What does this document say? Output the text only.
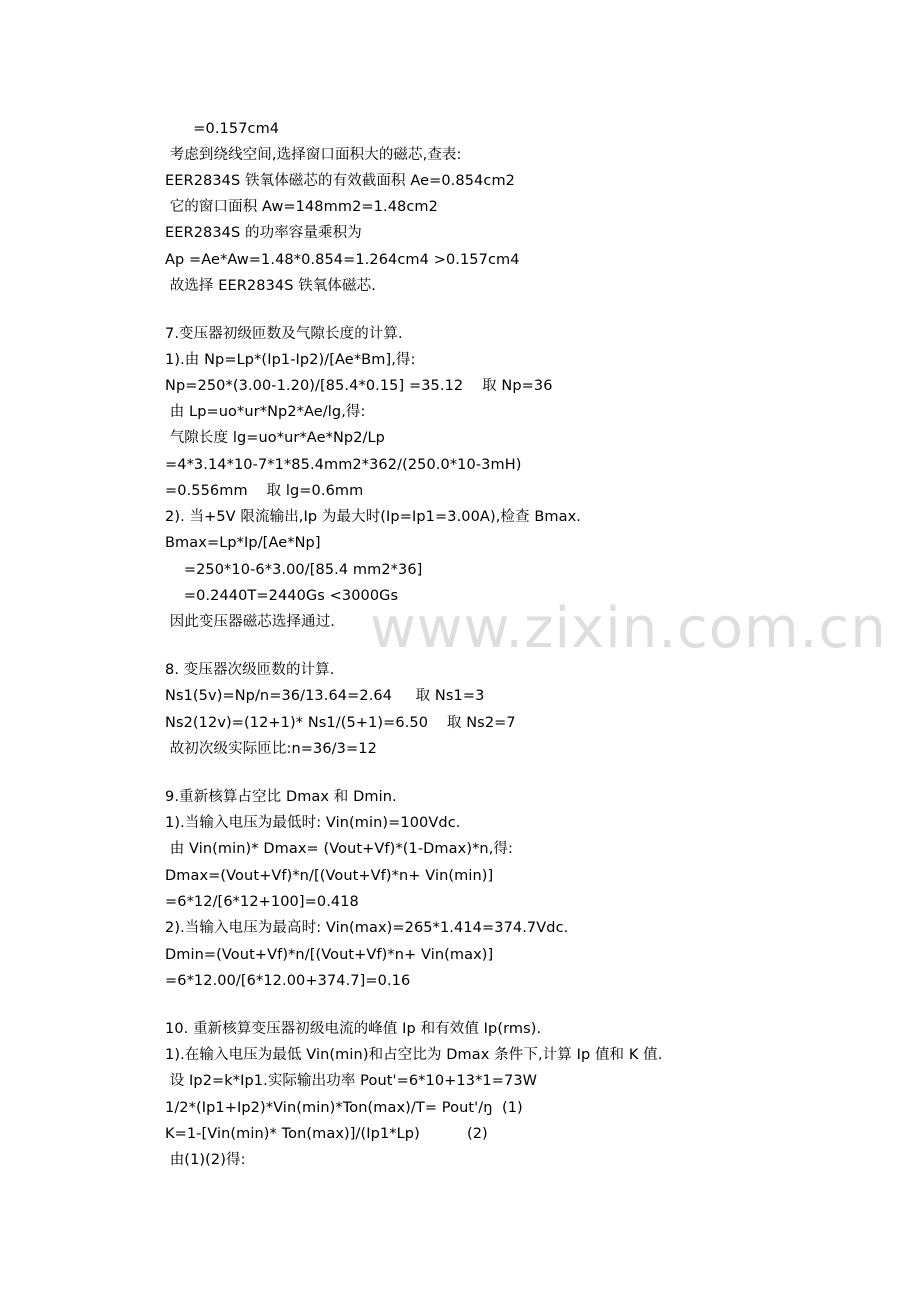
=0.157cm4
考虑到绕线空间,选择窗口面积大的磁芯,查表:
EER2834S 铁氧体磁芯的有效截面积 Ae=0.854cm2
它的窗口面积 Aw=148mm2=1.48cm2
EER2834S 的功率容量乘积为
Ap =Ae*Aw=1.48*0.854=1.264cm4 >0.157cm4
故选择 EER2834S 铁氧体磁芯.
7.变压器初级匝数及气隙长度的计算.
1).由 Np=Lp*(Ip1-Ip2)/[Ae*Bm],得:
Np=250*(3.00-1.20)/[85.4*0.15] =35.12    取 Np=36
由 Lp=uo*ur*Np2*Ae/lg,得:
气隙长度 lg=uo*ur*Ae*Np2/Lp
=4*3.14*10-7*1*85.4mm2*362/(250.0*10-3mH)
=0.556mm    取 lg=0.6mm
2). 当+5V 限流输出,Ip 为最大时(Ip=Ip1=3.00A),检查 Bmax.
Bmax=Lp*Ip/[Ae*Np]
=250*10-6*3.00/[85.4 mm2*36]
=0.2440T=2440Gs <3000Gs
因此变压器磁芯选择通过.
8. 变压器次级匝数的计算.
Ns1(5v)=Np/n=36/13.64=2.64     取 Ns1=3
Ns2(12v)=(12+1)* Ns1/(5+1)=6.50    取 Ns2=7
故初次级实际匝比:n=36/3=12
9.重新核算占空比 Dmax 和 Dmin.
1).当输入电压为最低时: Vin(min)=100Vdc.
由 Vin(min)* Dmax= (Vout+Vf)*(1-Dmax)*n,得:
Dmax=(Vout+Vf)*n/[(Vout+Vf)*n+ Vin(min)]
=6*12/[6*12+100]=0.418
2).当输入电压为最高时: Vin(max)=265*1.414=374.7Vdc.
Dmin=(Vout+Vf)*n/[(Vout+Vf)*n+ Vin(max)]
=6*12.00/[6*12.00+374.7]=0.16
10. 重新核算变压器初级电流的峰值 Ip 和有效值 Ip(rms).
1).在输入电压为最低 Vin(min)和占空比为 Dmax 条件下,计算 Ip 值和 K 值.
设 Ip2=k*Ip1.实际输出功率 Pout'=6*10+13*1=73W
1/2*(Ip1+Ip2)*Vin(min)*Ton(max)/T= Pout'/ŋ  (1)
K=1-[Vin(min)* Ton(max)]/(Ip1*Lp)          (2)
由(1)(2)得:
www.zixin.com.cn
